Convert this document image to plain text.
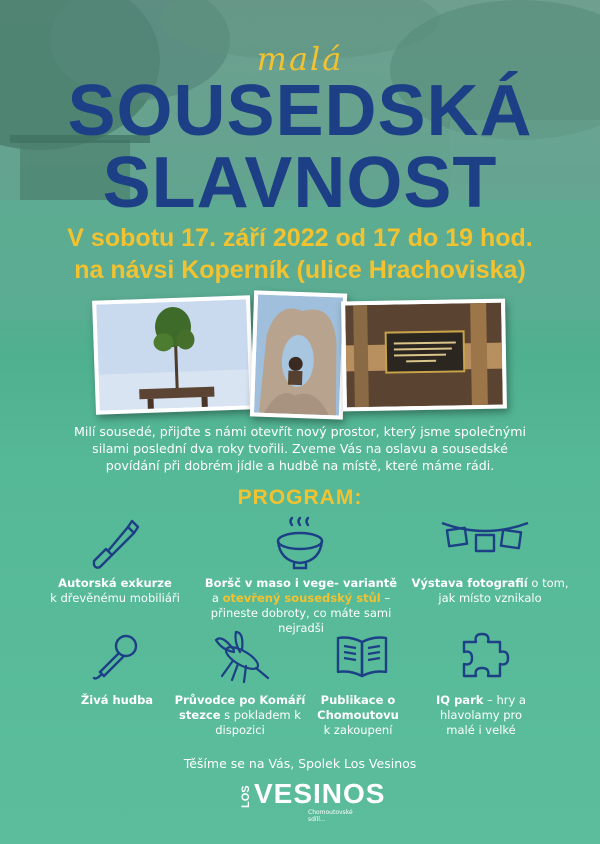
malá
SOUSEDSKÁ
SLAVNOST
V sobotu 17. září 2022 od 17 do 19 hod.
na návsi Koperník (ulice Hrachoviska)
Milí sousedé, přijďte s námi otevřít nový prostor, který jsme společnými silami poslední dva roky tvořili. Zveme Vás na oslavu a sousedské povídání při dobrém jídle a hudbě na místě, které máme rádi.
PROGRAM:
Autorská exkurze
k dřevěnému mobiliáři
Boršč v maso i vege- variantě
a otevřený sousedský stůl – přineste dobroty, co máte sami nejradši
Výstava fotografií o tom, jak místo vznikalo
Živá hudba	Průvodce po Komáří stezce s pokladem k dispozici
Publikace o Chomoutovu
k zakoupení
IQ park – hry a hlavolamy pro malé i velké
Těšíme se na Vás, Spolek Los Vesinos
LOS VESINOS
Chomoutovské sdílí...
